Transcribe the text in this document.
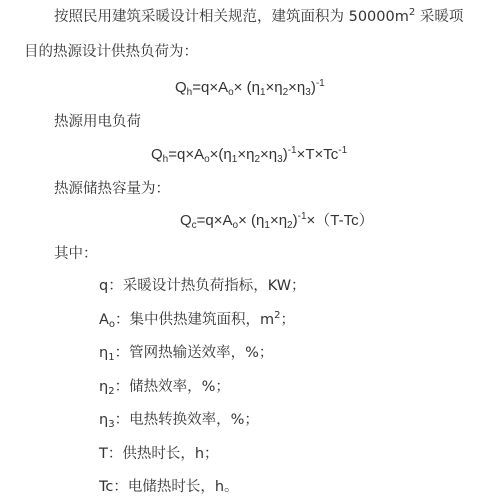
按照民用建筑采暖设计相关规范，建筑面积为 $50000m^2$ 采暖项
目的热源设计供热负荷为：
$Q_h=q\times A_o\times (\eta_1\times\eta_2\times\eta_3)^{-1}$
热源用电负荷
$Q_h=q\times A_o\times(\eta_1\times\eta_2\times\eta_3)^{-1}\times T\times Tc^{-1}$
热源储热容量为：
$Q_c=q\times A_o\times (\eta_1\times\eta_2)^{-1}\times(T-Tc)$
其中：
q：采暖设计热负荷指标，KW；
$A_o$：集中供热建筑面积，$m^2$；
$\eta_1$：管网热输送效率，%；
$\eta_2$：储热效率，%；
$\eta_3$：电热转换效率，%；
T：供热时长，h；
Tc：电储热时长，h。
